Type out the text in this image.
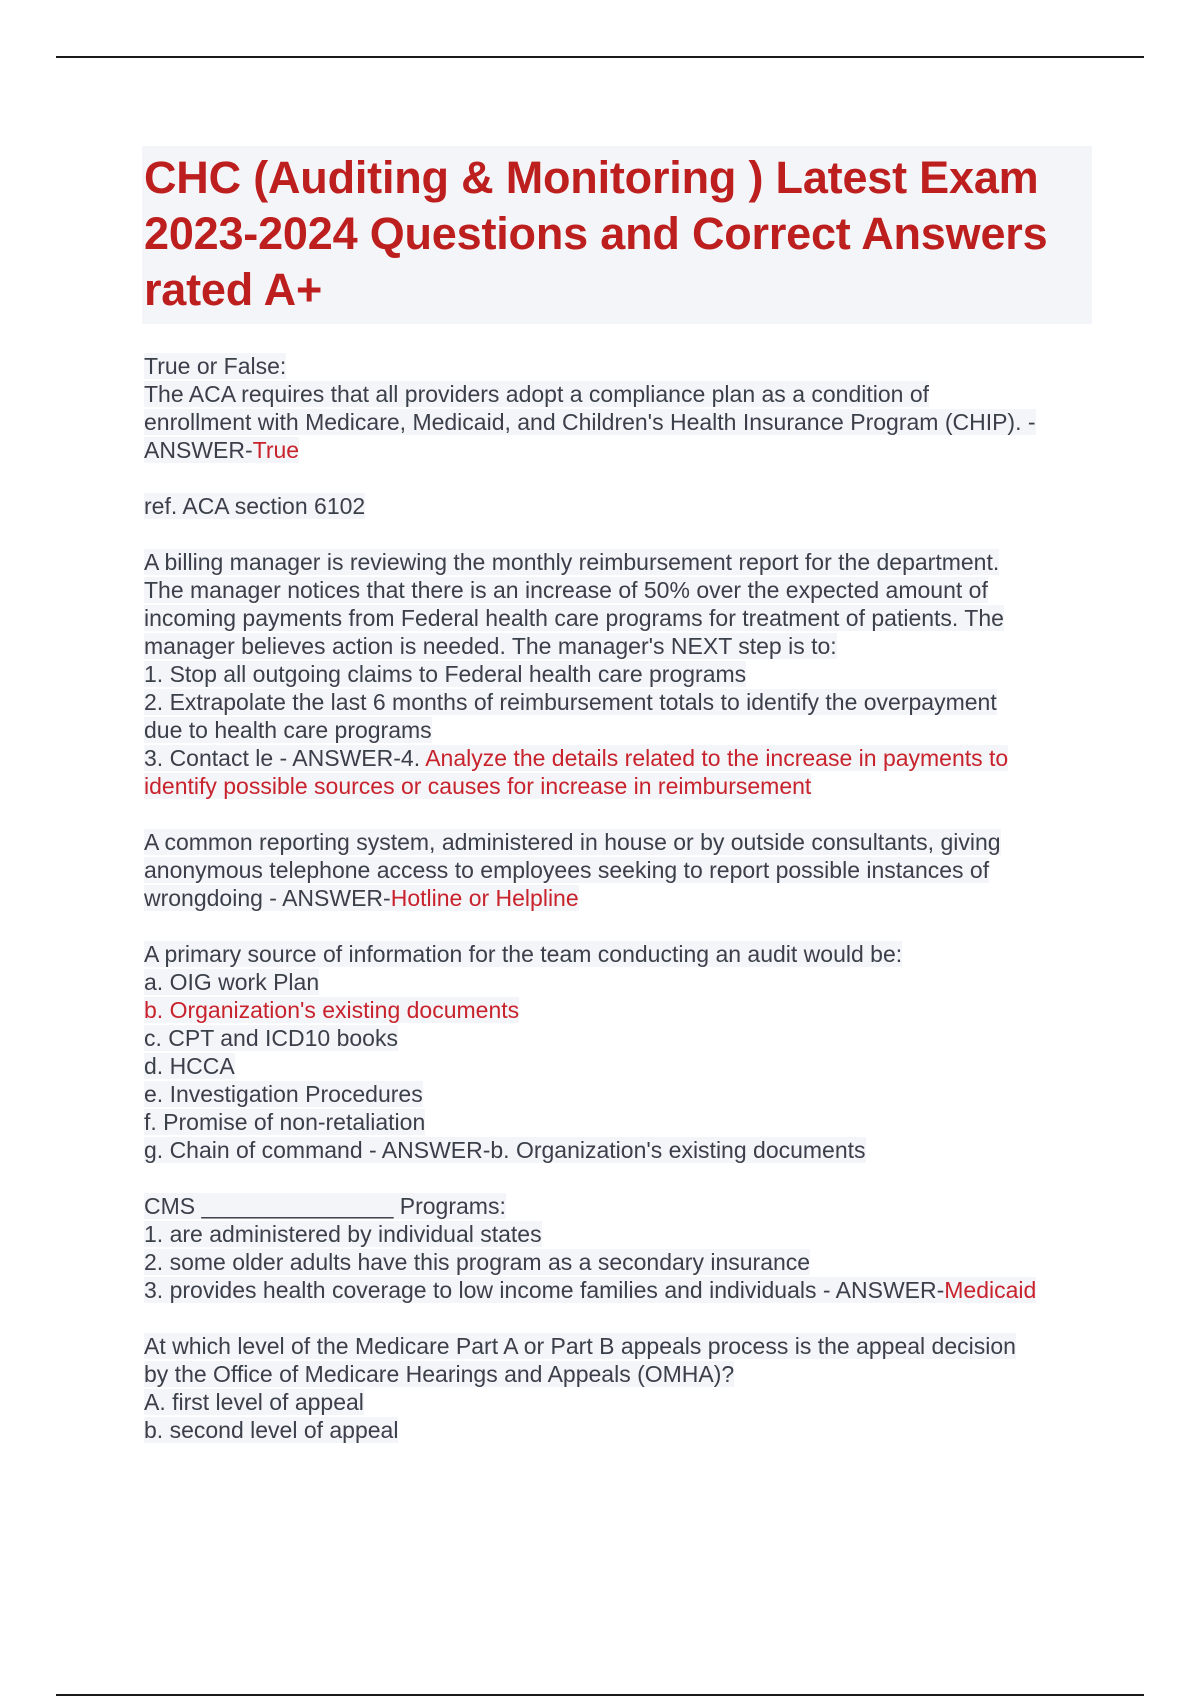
CHC (Auditing & Monitoring ) Latest Exam 2023-2024 Questions and Correct Answers rated A+
True or False:
The ACA requires that all providers adopt a compliance plan as a condition of
enrollment with Medicare, Medicaid, and Children's Health Insurance Program (CHIP). -
ANSWER-True
ref. ACA section 6102
A billing manager is reviewing the monthly reimbursement report for the department.
The manager notices that there is an increase of 50% over the expected amount of
incoming payments from Federal health care programs for treatment of patients. The
manager believes action is needed. The manager's NEXT step is to:
1. Stop all outgoing claims to Federal health care programs
2. Extrapolate the last 6 months of reimbursement totals to identify the overpayment
due to health care programs
3. Contact le - ANSWER-4. Analyze the details related to the increase in payments to
identify possible sources or causes for increase in reimbursement
A common reporting system, administered in house or by outside consultants, giving
anonymous telephone access to employees seeking to report possible instances of
wrongdoing - ANSWER-Hotline or Helpline
A primary source of information for the team conducting an audit would be:
a. OIG work Plan
b. Organization's existing documents
c. CPT and ICD10 books
d. HCCA
e. Investigation Procedures
f. Promise of non-retaliation
g. Chain of command - ANSWER-b. Organization's existing documents
CMS _______________ Programs:
1. are administered by individual states
2. some older adults have this program as a secondary insurance
3. provides health coverage to low income families and individuals - ANSWER-Medicaid
At which level of the Medicare Part A or Part B appeals process is the appeal decision
by the Office of Medicare Hearings and Appeals (OMHA)?
A. first level of appeal
b. second level of appeal
